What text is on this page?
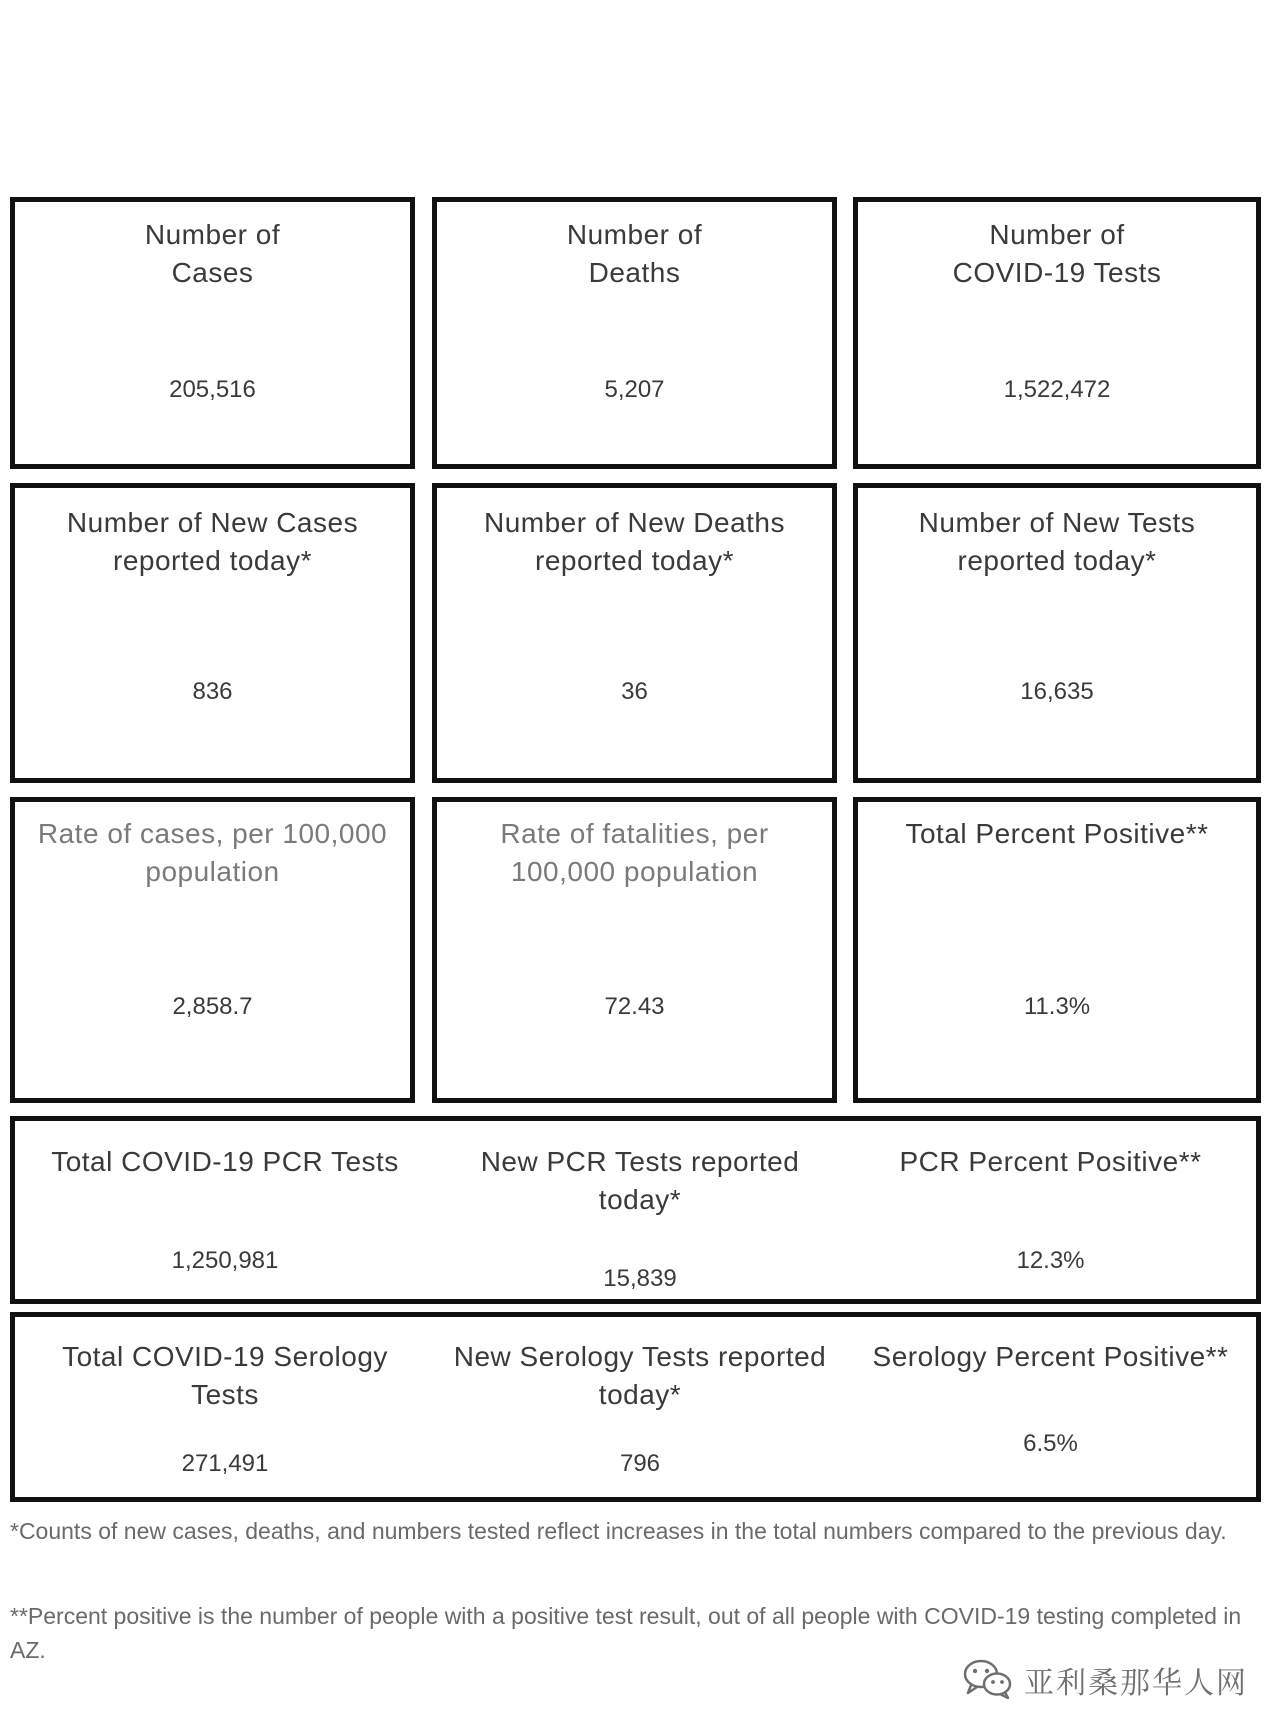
Number of
Cases
205,516
Number of
Deaths
5,207
Number of
COVID-19 Tests
1,522,472
Number of New Cases
reported today*
836
Number of New Deaths
reported today*
36
Number of New Tests
reported today*
16,635
Rate of cases, per 100,000
population
2,858.7
Rate of fatalities, per
100,000 population
72.43
Total Percent Positive**
11.3%
Total COVID-19 PCR Tests
1,250,981
New PCR Tests reported
today*
15,839
PCR Percent Positive**
12.3%
Total COVID-19 Serology
Tests
271,491
New Serology Tests reported
today*
796
Serology Percent Positive**
6.5%
*Counts of new cases, deaths, and numbers tested reflect increases in the total numbers compared to the previous day.
**Percent positive is the number of people with a positive test result, out of all people with COVID-19 testing completed in AZ.
亚利桑那华人网
